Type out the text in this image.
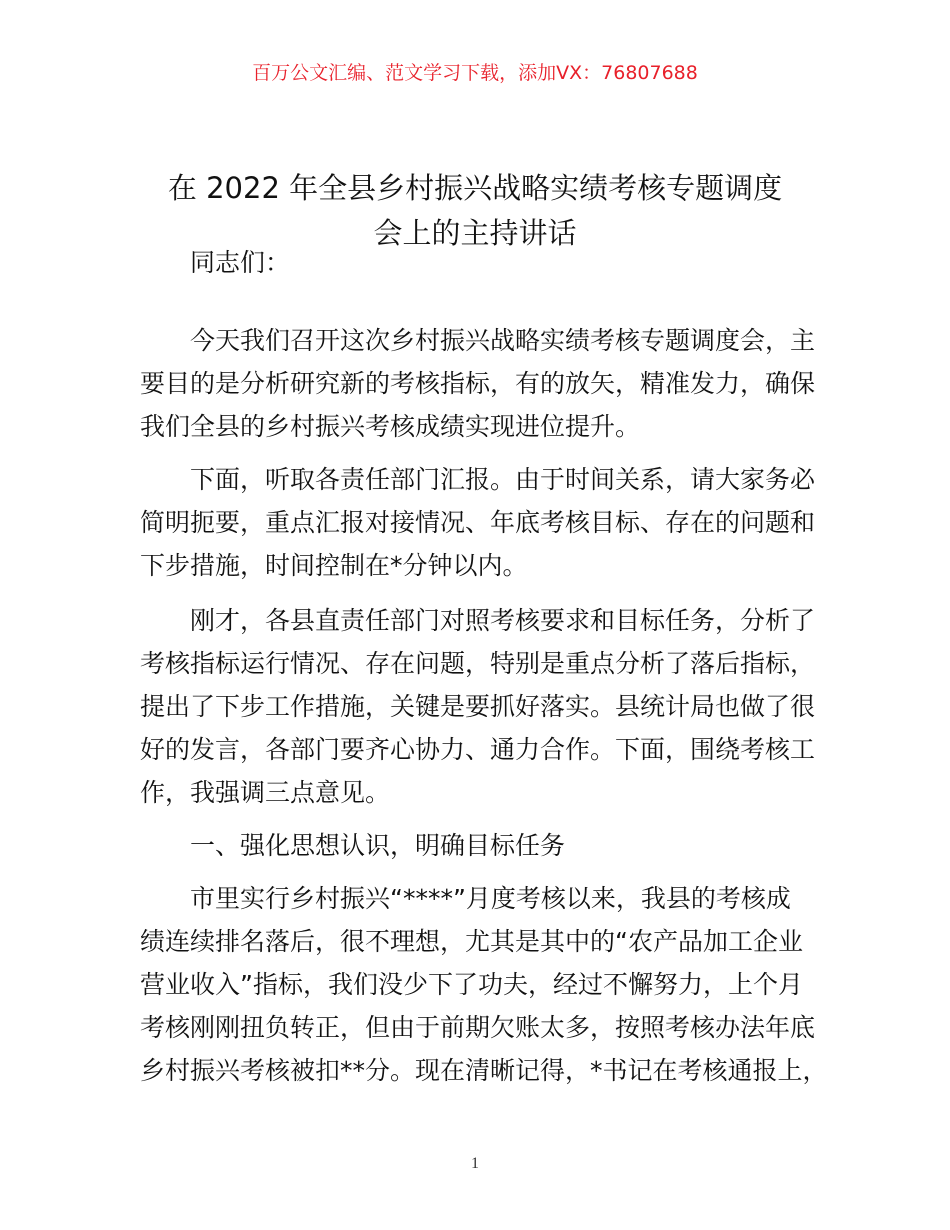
百万公文汇编、范文学习下载，添加VX：76807688
在 2022 年全县乡村振兴战略实绩考核专题调度
会上的主持讲话
同志们：
今天我们召开这次乡村振兴战略实绩考核专题调度会，主
要目的是分析研究新的考核指标，有的放矢，精准发力，确保
我们全县的乡村振兴考核成绩实现进位提升。
下面，听取各责任部门汇报。由于时间关系，请大家务必
简明扼要，重点汇报对接情况、年底考核目标、存在的问题和
下步措施，时间控制在*分钟以内。
刚才，各县直责任部门对照考核要求和目标任务，分析了
考核指标运行情况、存在问题，特别是重点分析了落后指标，
提出了下步工作措施，关键是要抓好落实。县统计局也做了很
好的发言，各部门要齐心协力、通力合作。下面，围绕考核工
作，我强调三点意见。
一、强化思想认识，明确目标任务
市里实行乡村振兴“****”月度考核以来，我县的考核成
绩连续排名落后，很不理想，尤其是其中的“农产品加工企业
营业收入”指标，我们没少下了功夫，经过不懈努力，上个月
考核刚刚扭负转正，但由于前期欠账太多，按照考核办法年底
乡村振兴考核被扣**分。现在清晰记得，*书记在考核通报上，
1
